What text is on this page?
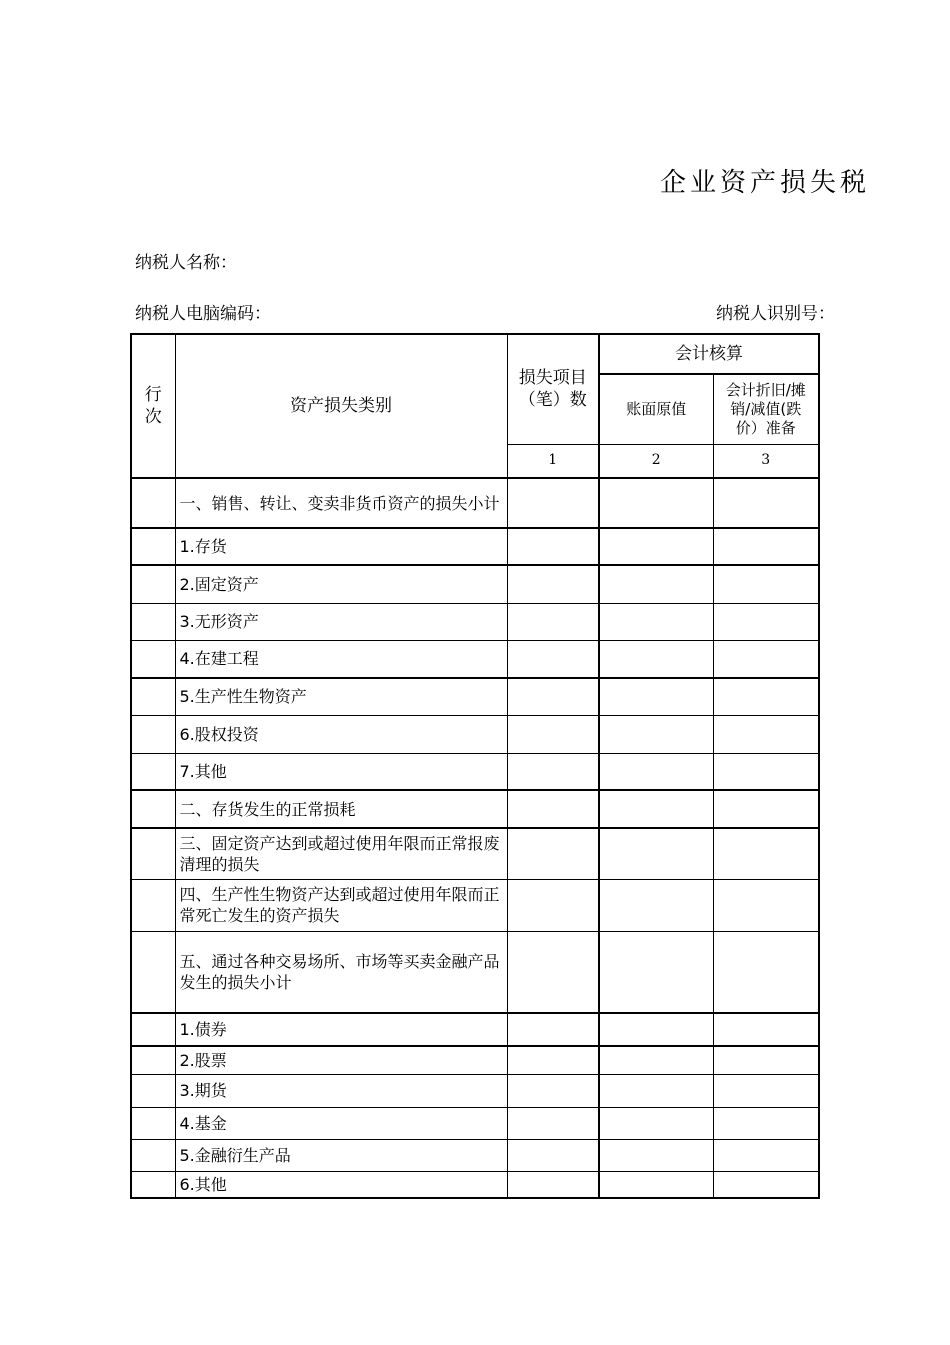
企业资产损失税
纳税人名称：
纳税人电脑编码：	纳税人识别号：
行次	资产损失类别	损失项目（笔）数	会计核算	
			账面原值	会计折旧/摊销/减值(跌价）准备
		1	2	3
	一、销售、转让、变卖非货币资产的损失小计			
	1.存货			
	2.固定资产			
	3.无形资产			
	4.在建工程			
	5.生产性生物资产			
	6.股权投资			
	7.其他			
	二、存货发生的正常损耗			
	三、固定资产达到或超过使用年限而正常报废清理的损失			
	四、生产性生物资产达到或超过使用年限而正常死亡发生的资产损失			
	五、通过各种交易场所、市场等买卖金融产品发生的损失小计			
	1.债券			
	2.股票			
	3.期货			
	4.基金			
	5.金融衍生产品			
	6.其他			
